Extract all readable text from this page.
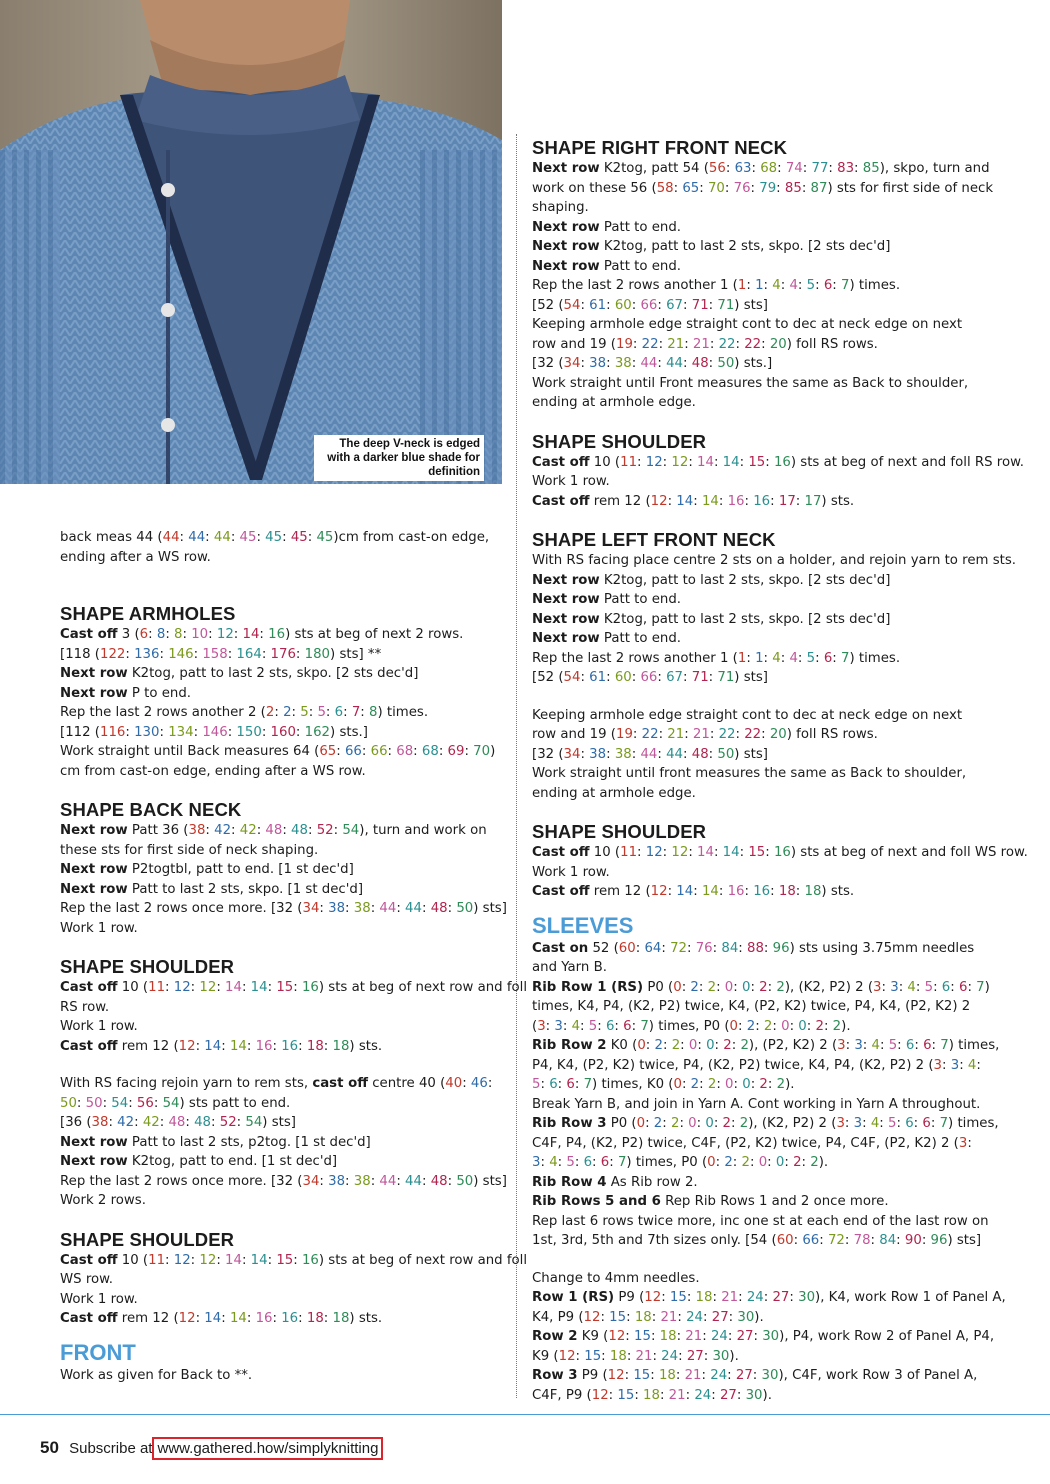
The deep V-neck is edged with a darker blue shade for definition
back meas 44 (44: 44: 44: 45: 45: 45: 45)cm from cast-on edge,
ending after a WS row.
SHAPE ARMHOLES
Cast off 3 (6: 8: 8: 10: 12: 14: 16) sts at beg of next 2 rows.
[118 (122: 136: 146: 158: 164: 176: 180) sts] **
Next row K2tog, patt to last 2 sts, skpo. [2 sts dec'd]
Next row P to end.
Rep the last 2 rows another 2 (2: 2: 5: 5: 6: 7: 8) times.
[112 (116: 130: 134: 146: 150: 160: 162) sts.]
Work straight until Back measures 64 (65: 66: 66: 68: 68: 69: 70)
cm from cast-on edge, ending after a WS row.
SHAPE BACK NECK
Next row Patt 36 (38: 42: 42: 48: 48: 52: 54), turn and work on
these sts for first side of neck shaping.
Next row P2togtbl, patt to end. [1 st dec'd]
Next row Patt to last 2 sts, skpo. [1 st dec'd]
Rep the last 2 rows once more. [32 (34: 38: 38: 44: 44: 48: 50) sts]
Work 1 row.
SHAPE SHOULDER
Cast off 10 (11: 12: 12: 14: 14: 15: 16) sts at beg of next row and foll
RS row.
Work 1 row.
Cast off rem 12 (12: 14: 14: 16: 16: 18: 18) sts.
With RS facing rejoin yarn to rem sts, cast off centre 40 (40: 46:
50: 50: 54: 56: 54) sts patt to end.
[36 (38: 42: 42: 48: 48: 52: 54) sts]
Next row Patt to last 2 sts, p2tog. [1 st dec'd]
Next row K2tog, patt to end. [1 st dec'd]
Rep the last 2 rows once more. [32 (34: 38: 38: 44: 44: 48: 50) sts]
Work 2 rows.
SHAPE SHOULDER
Cast off 10 (11: 12: 12: 14: 14: 15: 16) sts at beg of next row and foll
WS row.
Work 1 row.
Cast off rem 12 (12: 14: 14: 16: 16: 18: 18) sts.
FRONT
Work as given for Back to **.
SHAPE RIGHT FRONT NECK
Next row K2tog, patt 54 (56: 63: 68: 74: 77: 83: 85), skpo, turn and
work on these 56 (58: 65: 70: 76: 79: 85: 87) sts for first side of neck
shaping.
Next row Patt to end.
Next row K2tog, patt to last 2 sts, skpo. [2 sts dec'd]
Next row Patt to end.
Rep the last 2 rows another 1 (1: 1: 4: 4: 5: 6: 7) times.
[52 (54: 61: 60: 66: 67: 71: 71) sts]
Keeping armhole edge straight cont to dec at neck edge on next
row and 19 (19: 22: 21: 21: 22: 22: 20) foll RS rows.
[32 (34: 38: 38: 44: 44: 48: 50) sts.]
Work straight until Front measures the same as Back to shoulder,
ending at armhole edge.
SHAPE SHOULDER
Cast off 10 (11: 12: 12: 14: 14: 15: 16) sts at beg of next and foll RS row.
Work 1 row.
Cast off rem 12 (12: 14: 14: 16: 16: 17: 17) sts.
SHAPE LEFT FRONT NECK
With RS facing place centre 2 sts on a holder, and rejoin yarn to rem sts.
Next row K2tog, patt to last 2 sts, skpo. [2 sts dec'd]
Next row Patt to end.
Next row K2tog, patt to last 2 sts, skpo. [2 sts dec'd]
Next row Patt to end.
Rep the last 2 rows another 1 (1: 1: 4: 4: 5: 6: 7) times.
[52 (54: 61: 60: 66: 67: 71: 71) sts]
Keeping armhole edge straight cont to dec at neck edge on next
row and 19 (19: 22: 21: 21: 22: 22: 20) foll RS rows.
[32 (34: 38: 38: 44: 44: 48: 50) sts]
Work straight until front measures the same as Back to shoulder,
ending at armhole edge.
SHAPE SHOULDER
Cast off 10 (11: 12: 12: 14: 14: 15: 16) sts at beg of next and foll WS row.
Work 1 row.
Cast off rem 12 (12: 14: 14: 16: 16: 18: 18) sts.
SLEEVES
Cast on 52 (60: 64: 72: 76: 84: 88: 96) sts using 3.75mm needles
and Yarn B.
Rib Row 1 (RS) P0 (0: 2: 2: 0: 0: 2: 2), (K2, P2) 2 (3: 3: 4: 5: 6: 6: 7)
times, K4, P4, (K2, P2) twice, K4, (P2, K2) twice, P4, K4, (P2, K2) 2
(3: 3: 4: 5: 6: 6: 7) times, P0 (0: 2: 2: 0: 0: 2: 2).
Rib Row 2 K0 (0: 2: 2: 0: 0: 2: 2), (P2, K2) 2 (3: 3: 4: 5: 6: 6: 7) times,
P4, K4, (P2, K2) twice, P4, (K2, P2) twice, K4, P4, (K2, P2) 2 (3: 3: 4:
5: 6: 6: 7) times, K0 (0: 2: 2: 0: 0: 2: 2).
Break Yarn B, and join in Yarn A. Cont working in Yarn A throughout.
Rib Row 3 P0 (0: 2: 2: 0: 0: 2: 2), (K2, P2) 2 (3: 3: 4: 5: 6: 6: 7) times,
C4F, P4, (K2, P2) twice, C4F, (P2, K2) twice, P4, C4F, (P2, K2) 2 (3:
3: 4: 5: 6: 6: 7) times, P0 (0: 2: 2: 0: 0: 2: 2).
Rib Row 4 As Rib row 2.
Rib Rows 5 and 6 Rep Rib Rows 1 and 2 once more.
Rep last 6 rows twice more, inc one st at each end of the last row on
1st, 3rd, 5th and 7th sizes only. [54 (60: 66: 72: 78: 84: 90: 96) sts]
Change to 4mm needles.
Row 1 (RS) P9 (12: 15: 18: 21: 24: 27: 30), K4, work Row 1 of Panel A,
K4, P9 (12: 15: 18: 21: 24: 27: 30).
Row 2 K9 (12: 15: 18: 21: 24: 27: 30), P4, work Row 2 of Panel A, P4,
K9 (12: 15: 18: 21: 24: 27: 30).
Row 3 P9 (12: 15: 18: 21: 24: 27: 30), C4F, work Row 3 of Panel A,
C4F, P9 (12: 15: 18: 21: 24: 27: 30).
50 Subscribe at www.gathered.how/simplyknitting
